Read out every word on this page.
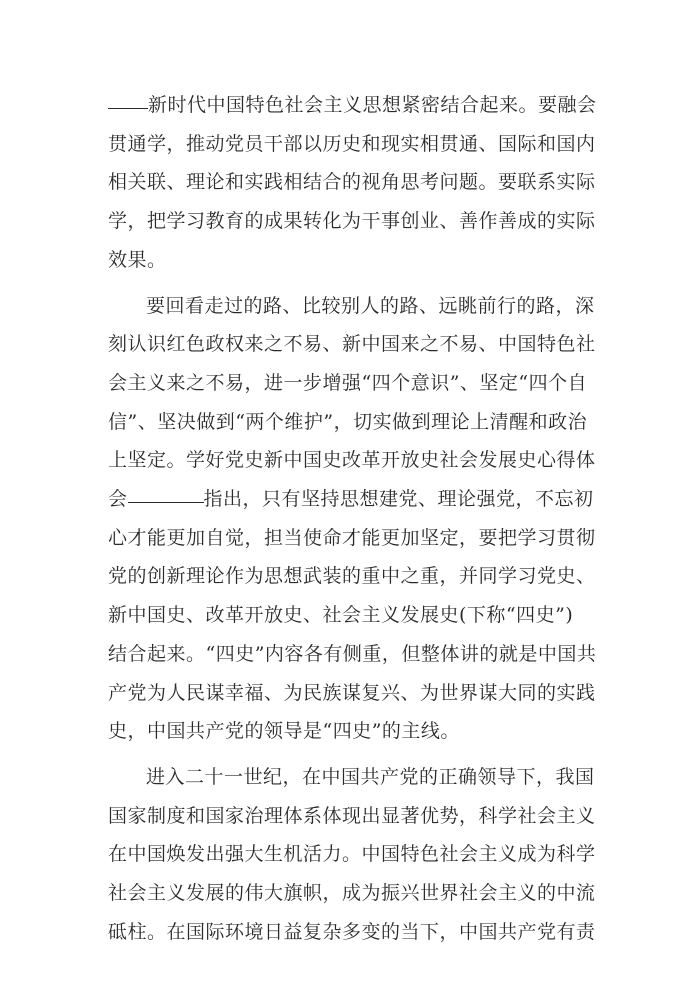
新时代中国特色社会主义思想紧密结合起来。要融会
贯通学，推动党员干部以历史和现实相贯通、国际和国内
相关联、理论和实践相结合的视角思考问题。要联系实际
学，把学习教育的成果转化为干事创业、善作善成的实际
效果。

要回看走过的路、比较别人的路、远眺前行的路，深
刻认识红色政权来之不易、新中国来之不易、中国特色社
会主义来之不易，进一步增强“四个意识”、坚定“四个自
信”、坚决做到“两个维护”，切实做到理论上清醒和政治
上坚定。学好党史新中国史改革开放史社会发展史心得体
会	指出，只有坚持思想建党、理论强党，不忘初
心才能更加自觉，担当使命才能更加坚定，要把学习贯彻
党的创新理论作为思想武装的重中之重，并同学习党史、
新中国史、改革开放史、社会主义发展史(下称“四史”)
结合起来。“四史”内容各有侧重，但整体讲的就是中国共
产党为人民谋幸福、为民族谋复兴、为世界谋大同的实践
史，中国共产党的领导是“四史”的主线。

进入二十一世纪，在中国共产党的正确领导下，我国
国家制度和国家治理体系体现出显著优势，科学社会主义
在中国焕发出强大生机活力。中国特色社会主义成为科学
社会主义发展的伟大旗帜，成为振兴世界社会主义的中流
砥柱。在国际环境日益复杂多变的当下，中国共产党有责
